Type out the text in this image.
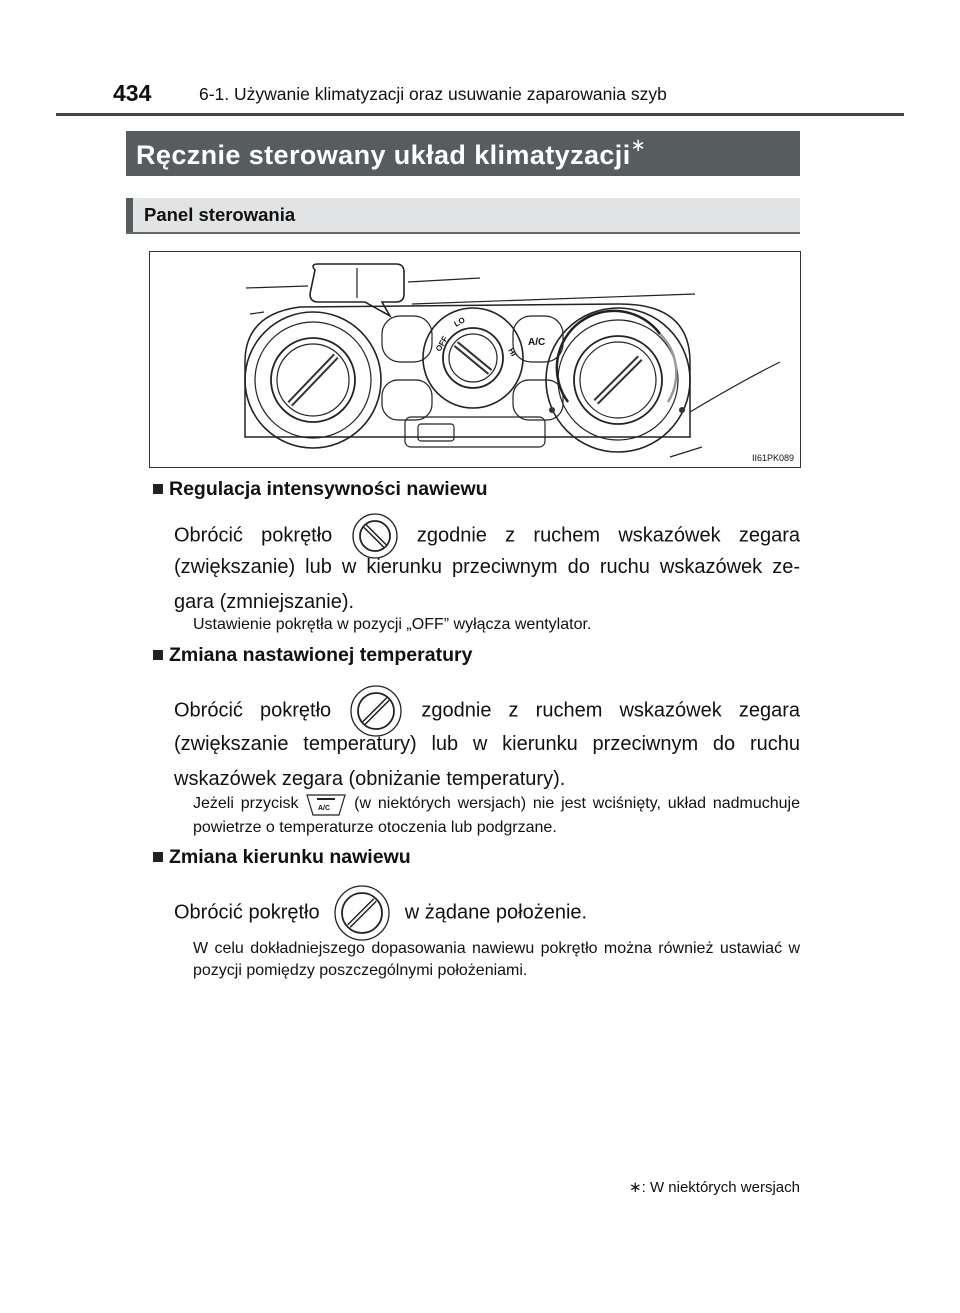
434	6-1. Używanie klimatyzacji oraz usuwanie zaparowania szyb
Ręcznie sterowany układ klimatyzacji∗
Panel sterowania
OFF
LO
HI
A/C
II61PK089
Regulacja intensywności nawiewu
Obrócić pokrętło	zgodnie z ruchem wskazówek zegara
(zwiększanie) lub w kierunku przeciwnym do ruchu wskazówek ze-gara (zmniejszanie).
Ustawienie pokrętła w pozycji „OFF” wyłącza wentylator.
Zmiana nastawionej temperatury
Obrócić pokrętło	zgodnie z ruchem wskazówek zegara
(zwiększanie temperatury) lub w kierunku przeciwnym do ruchu wskazówek zegara (obniżanie temperatury).
Jeżeli przycisk	A/C (w niektórych wersjach) nie jest wciśnięty, układ nadmuchuje powietrze o temperaturze otoczenia lub podgrzane.
Zmiana kierunku nawiewu
Obrócić pokrętło	w żądane położenie.
W celu dokładniejszego dopasowania nawiewu pokrętło można również ustawiać w pozycji pomiędzy poszczególnymi położeniami.
∗: W niektórych wersjach
